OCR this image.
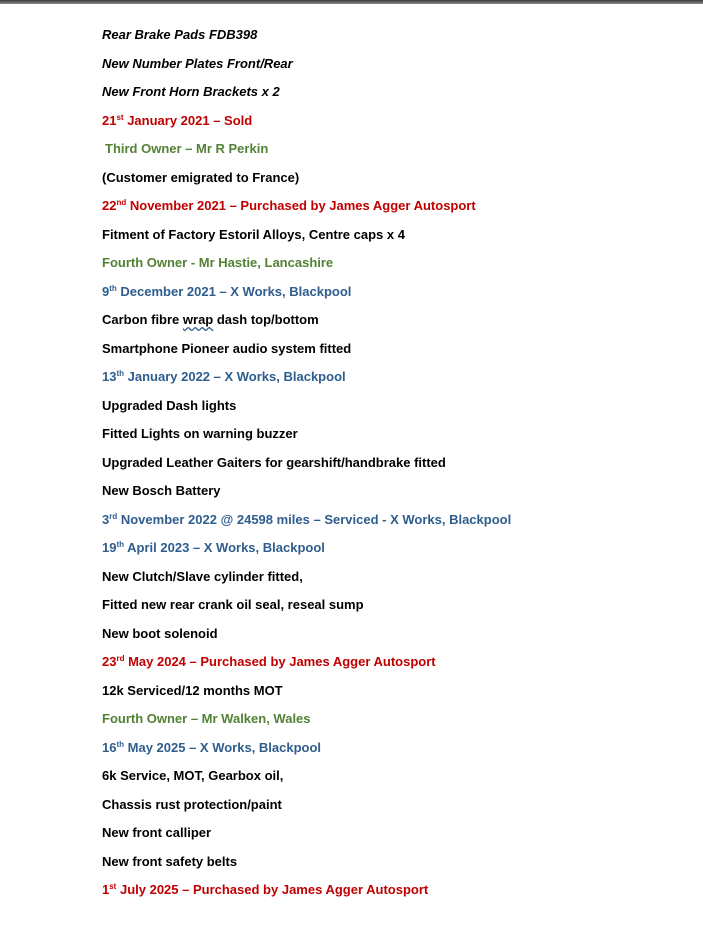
Rear Brake Pads FDB398
New Number Plates Front/Rear
New Front Horn Brackets x 2
21st January 2021 – Sold
Third Owner – Mr R Perkin
(Customer emigrated to France)
22nd November 2021 – Purchased by James Agger Autosport
Fitment of Factory Estoril Alloys, Centre caps x 4
Fourth Owner - Mr Hastie, Lancashire
9th December 2021 – X Works, Blackpool
Carbon fibre wrap dash top/bottom
Smartphone Pioneer audio system fitted
13th January 2022 – X Works, Blackpool
Upgraded Dash lights
Fitted Lights on warning buzzer
Upgraded Leather Gaiters for gearshift/handbrake fitted
New Bosch Battery
3rd November 2022 @ 24598 miles – Serviced - X Works, Blackpool
19th April 2023 – X Works, Blackpool
New Clutch/Slave cylinder fitted,
Fitted new rear crank oil seal, reseal sump
New boot solenoid
23rd May 2024 – Purchased by James Agger Autosport
12k Serviced/12 months MOT
Fourth Owner – Mr Walken, Wales
16th May 2025 – X Works, Blackpool
6k Service, MOT, Gearbox oil,
Chassis rust protection/paint
New front calliper
New front safety belts
1st July 2025 – Purchased by James Agger Autosport
